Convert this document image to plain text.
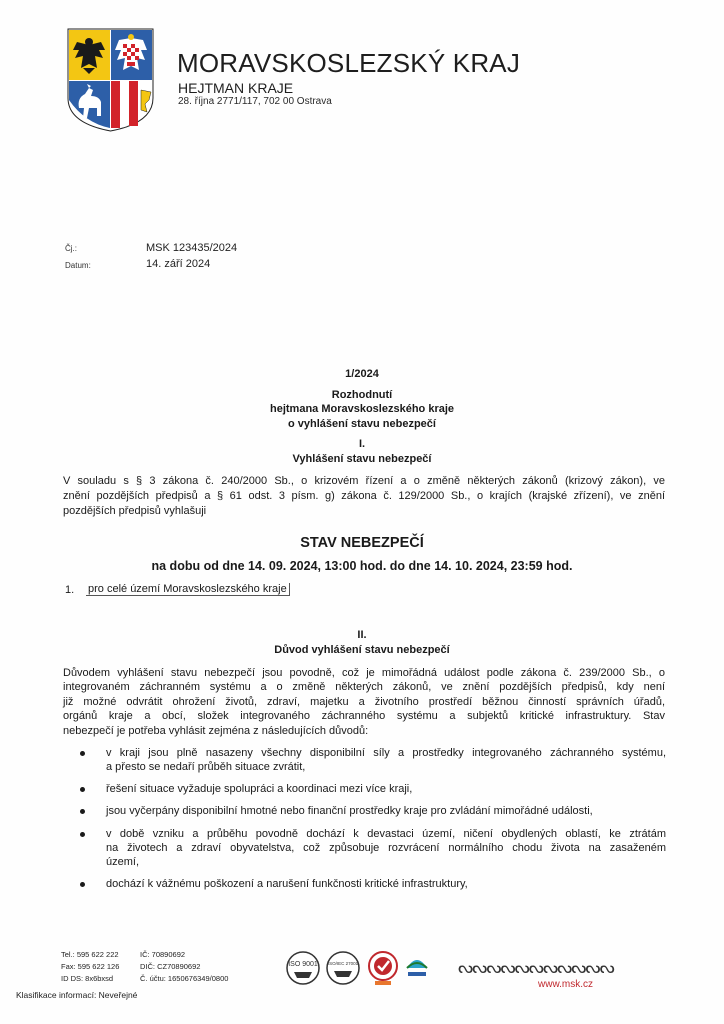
MORAVSKOSLEZSKÝ KRAJ
HEJTMAN KRAJE
28. října 2771/117, 702 00 Ostrava
Čj.:	MSK 123435/2024
Datum:	14. září 2024
1/2024
Rozhodnutí
hejtmana Moravskoslezského kraje
o vyhlášení stavu nebezpečí
I.
Vyhlášení stavu nebezpečí
V souladu s § 3 zákona č. 240/2000 Sb., o krizovém řízení a o změně některých zákonů (krizový zákon), ve
znění pozdějších předpisů a § 61 odst. 3 písm. g) zákona č. 129/2000 Sb., o krajích (krajské zřízení), ve znění
pozdějších předpisů vyhlašuji
STAV NEBEZPEČÍ
na dobu od dne 14. 09. 2024, 13:00 hod. do dne 14. 10. 2024, 23:59 hod.
1. pro celé území Moravskoslezského kraje
II.
Důvod vyhlášení stavu nebezpečí
Důvodem vyhlášení stavu nebezpečí jsou povodně, což je mimořádná událost podle zákona č. 239/2000 Sb., o
integrovaném záchranném systému a o změně některých zákonů, ve znění pozdějších předpisů, kdy není
již možné odvrátit ohrožení životů, zdraví, majetku a životního prostředí běžnou činností správních úřadů,
orgánů kraje a obcí, složek integrovaného záchranného systému a subjektů kritické infrastruktury. Stav
nebezpečí je potřeba vyhlásit zejména z následujících důvodů:
v kraji jsou plně nasazeny všechny disponibilní síly a prostředky integrovaného záchranného systému,
a přesto se nedaří průběh situace zvrátit,
řešení situace vyžaduje spolupráci a koordinaci mezi více kraji,
jsou vyčerpány disponibilní hmotné nebo finanční prostředky kraje pro zvládání mimořádné události,
v době vzniku a průběhu povodně dochází k devastaci území, ničení obydlených oblastí, ke ztrátám
na životech a zdraví obyvatelstva, což způsobuje rozvrácení normálního chodu života na zasaženém
území,
dochází k vážnému poškození a narušení funkčnosti kritické infrastruktury,
Tel.: 595 622 222	IČ: 70890692
Fax: 595 622 126	DIČ: CZ70890692
ID DS: 8x6bxsd	Č. účtu: 1650676349/0800
Klasifikace informací: Neveřejné
ISO 9001 ISO/IEC 27001	ᔓᔓᔓᔓᔓᔓᔓᔓᔓᔓᔓ
www.msk.cz
